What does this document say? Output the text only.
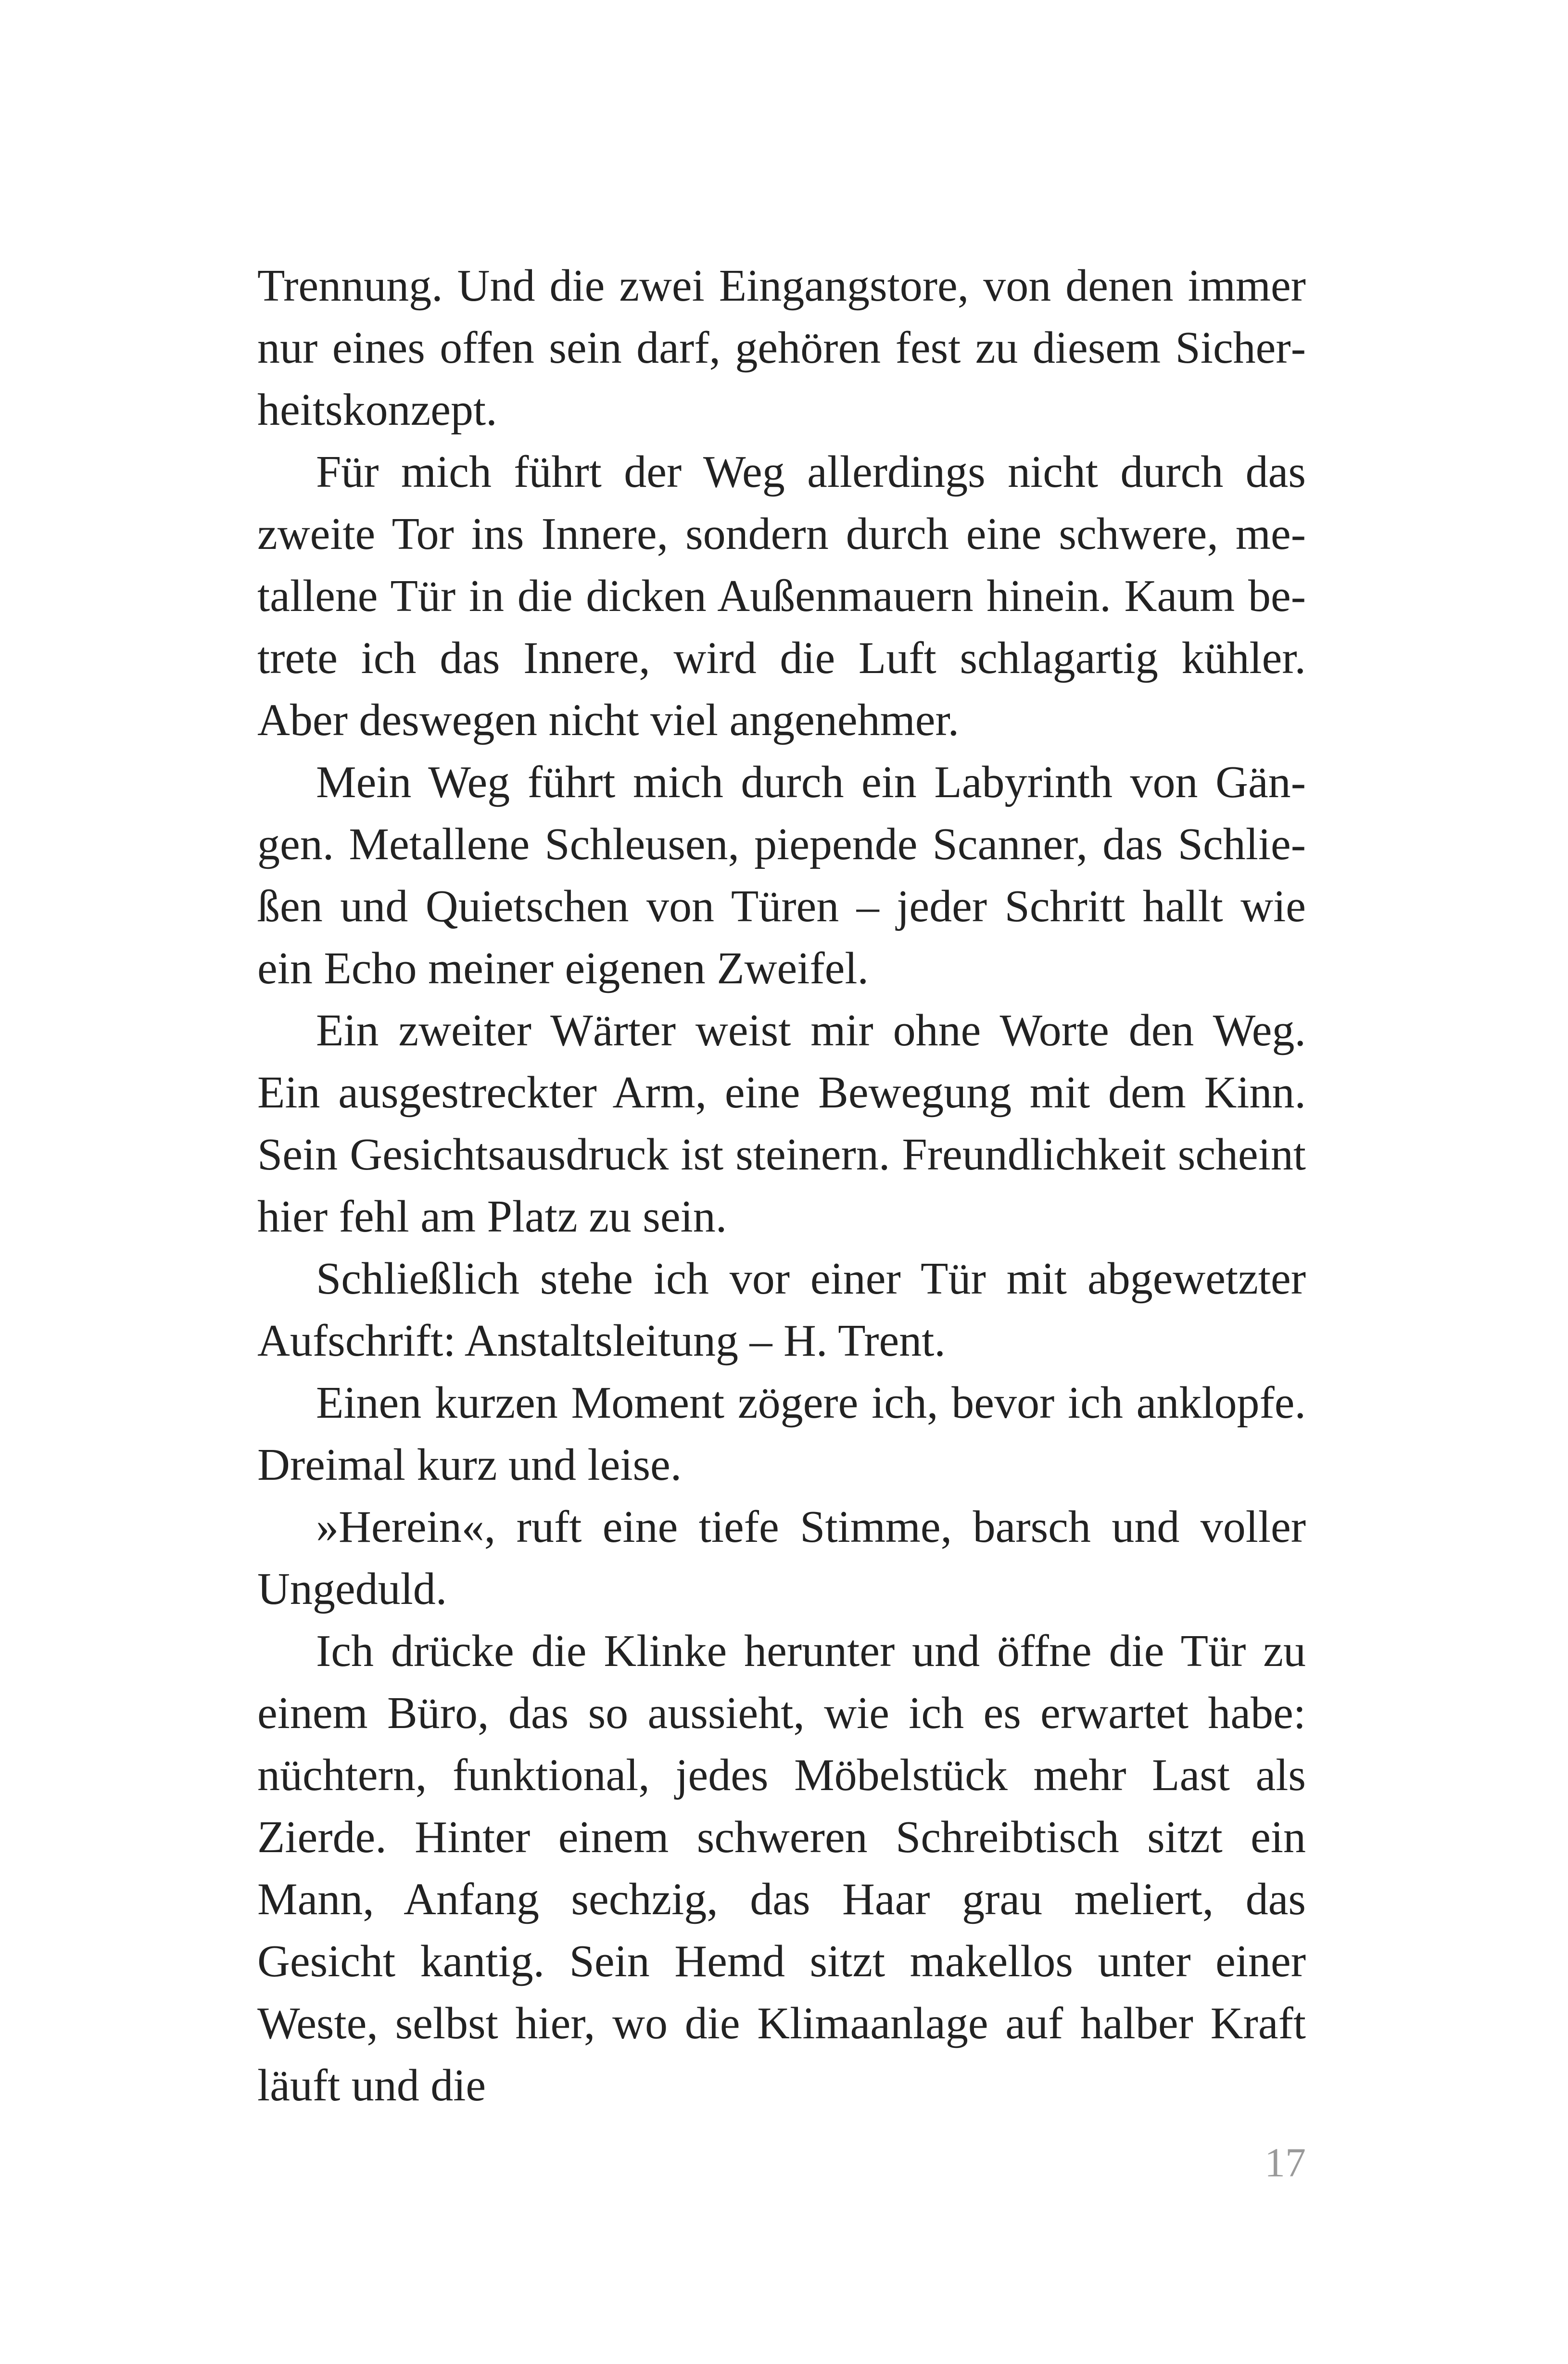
Trennung. Und die zwei Eingangstore, von denen immer nur eines offen sein darf, gehören fest zu diesem Sicherheitskonzept.

Für mich führt der Weg allerdings nicht durch das zweite Tor ins Innere, sondern durch eine schwere, metallene Tür in die dicken Außenmauern hinein. Kaum betrete ich das Innere, wird die Luft schlagartig kühler. Aber deswegen nicht viel angenehmer.

Mein Weg führt mich durch ein Labyrinth von Gängen. Metallene Schleusen, piepende Scanner, das Schließen und Quietschen von Türen – jeder Schritt hallt wie ein Echo meiner eigenen Zweifel.

Ein zweiter Wärter weist mir ohne Worte den Weg. Ein ausgestreckter Arm, eine Bewegung mit dem Kinn. Sein Gesichtsausdruck ist steinern. Freundlichkeit scheint hier fehl am Platz zu sein.

Schließlich stehe ich vor einer Tür mit abgewetzter Aufschrift: Anstaltsleitung – H. Trent.

Einen kurzen Moment zögere ich, bevor ich anklopfe. Dreimal kurz und leise.

»Herein«, ruft eine tiefe Stimme, barsch und voller Ungeduld.

Ich drücke die Klinke herunter und öffne die Tür zu einem Büro, das so aussieht, wie ich es erwartet habe: nüchtern, funktional, jedes Möbelstück mehr Last als Zierde. Hinter einem schweren Schreibtisch sitzt ein Mann, Anfang sechzig, das Haar grau meliert, das Gesicht kantig. Sein Hemd sitzt makellos unter einer Weste, selbst hier, wo die Klimaanlage auf halber Kraft läuft und die

17
